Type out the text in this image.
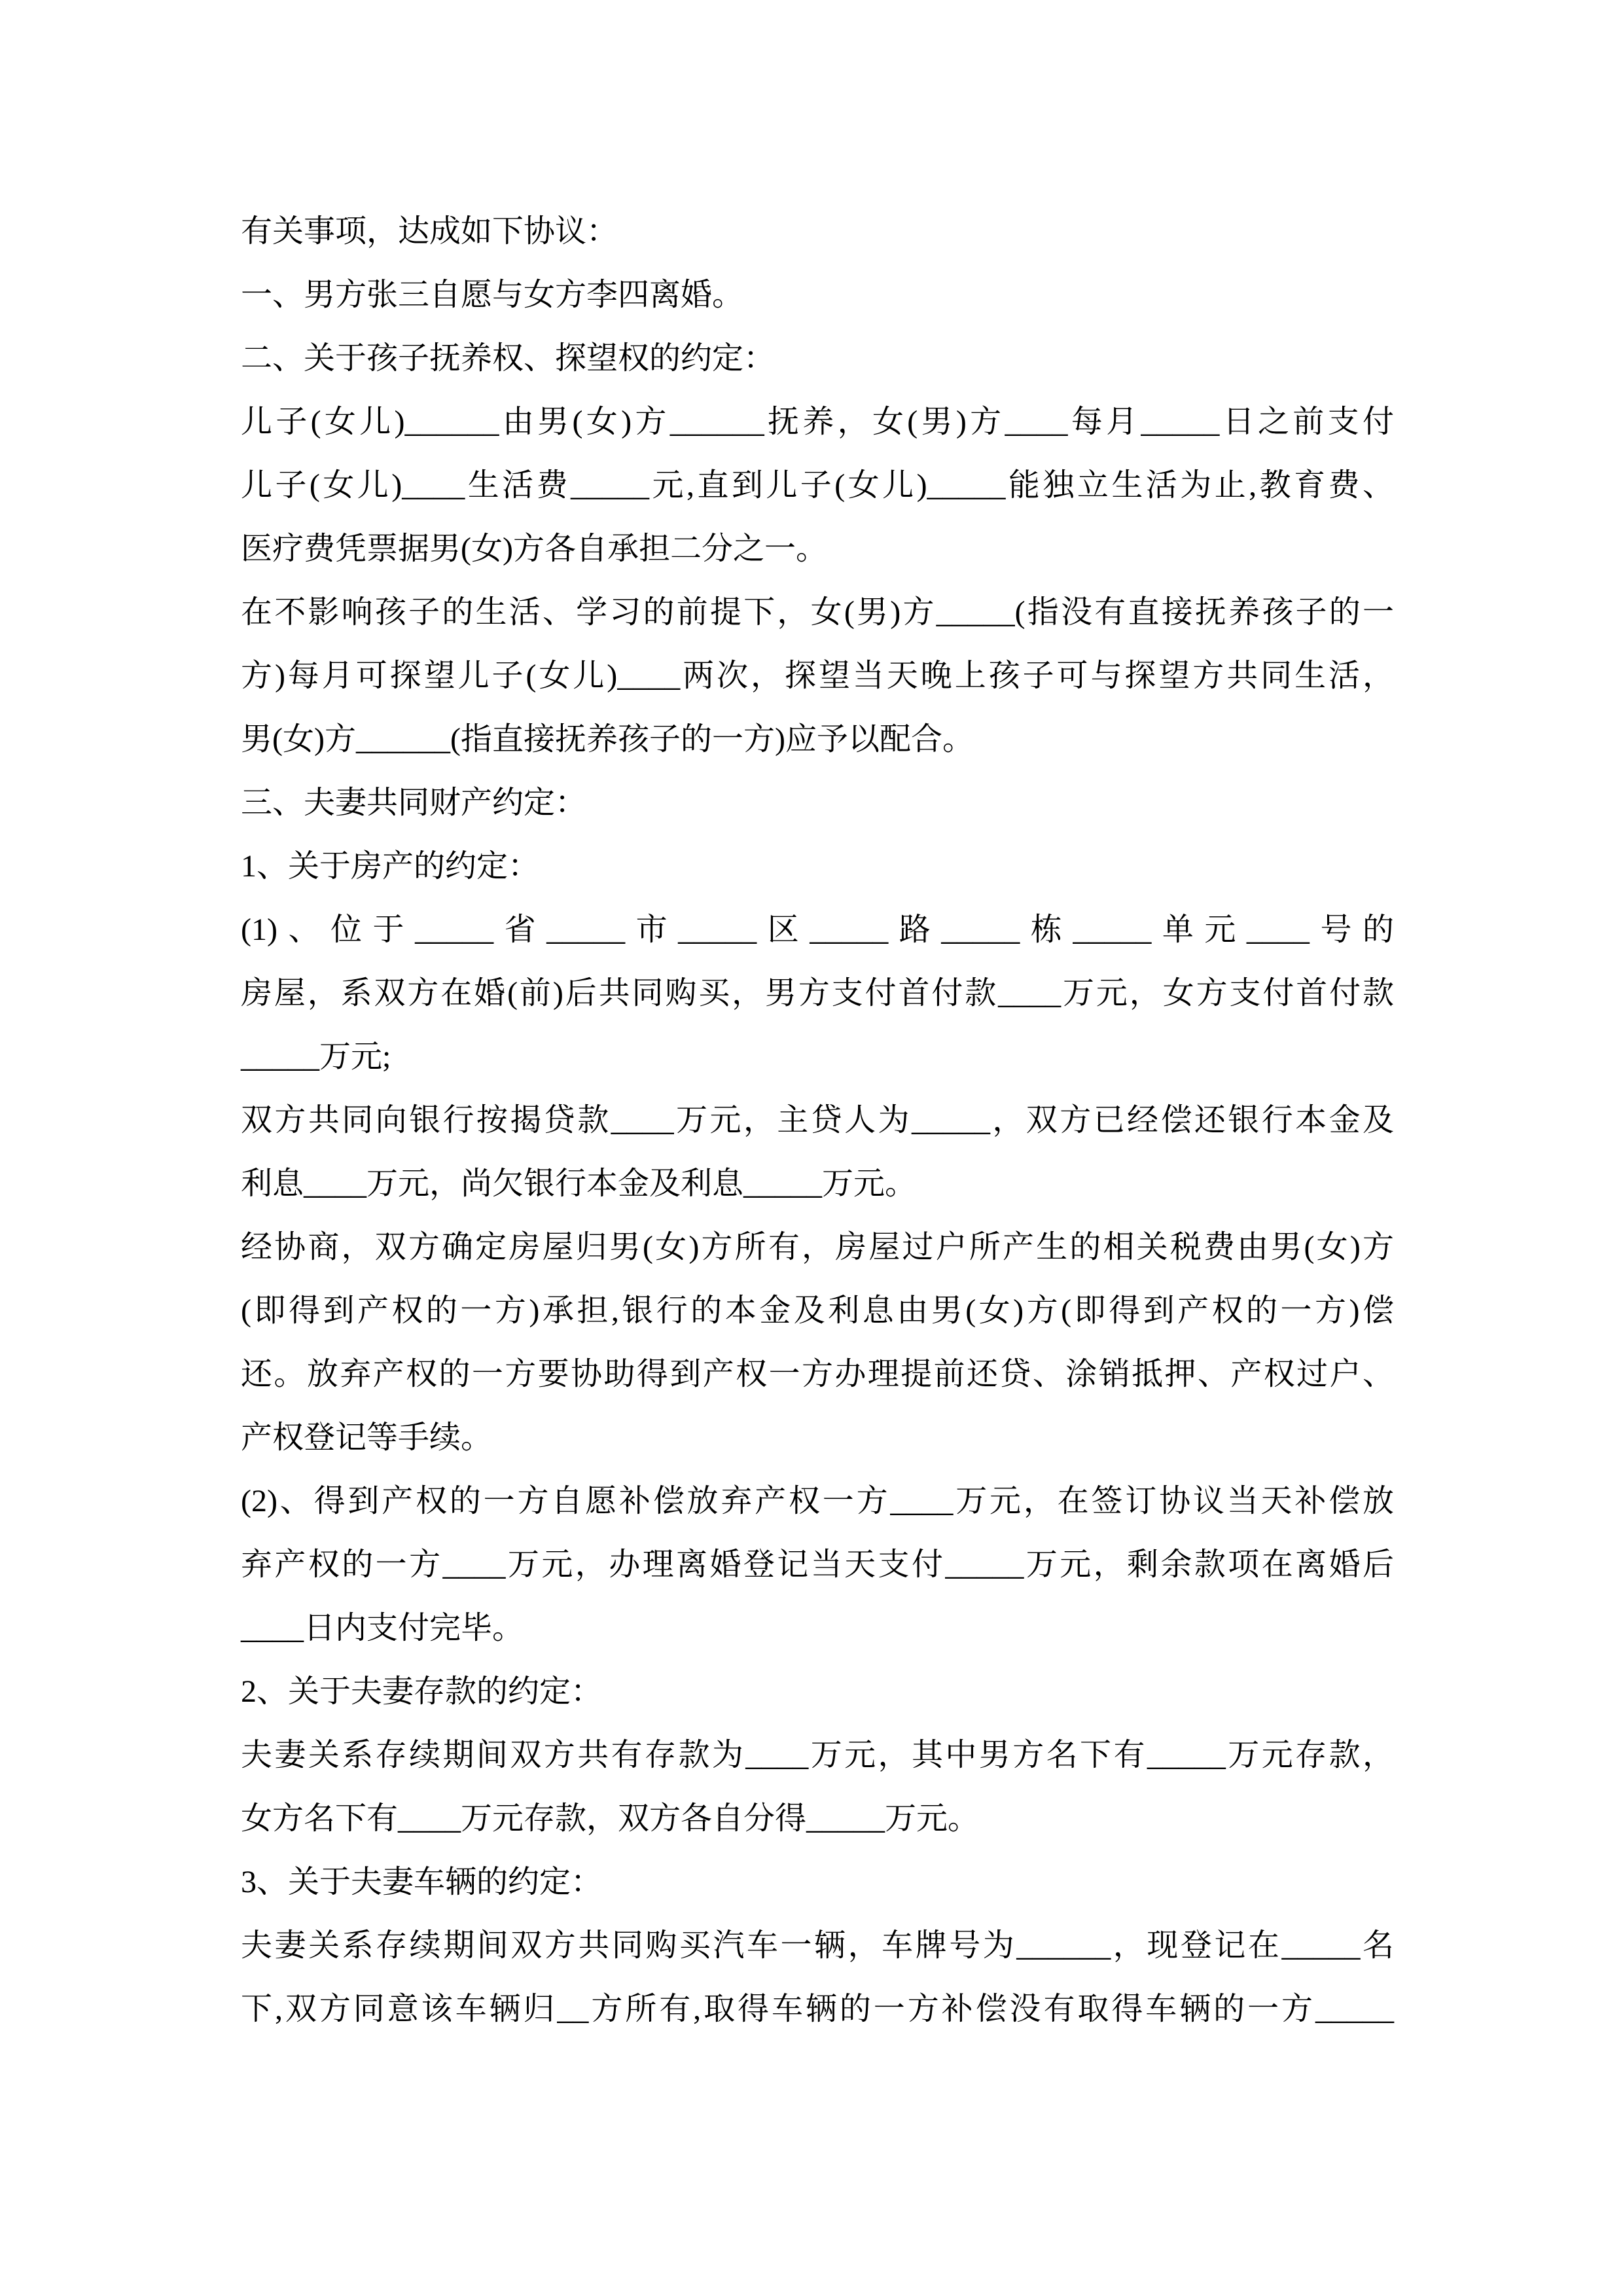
有关事项，达成如下协议：
一、男方张三自愿与女方李四离婚。
二、关于孩子抚养权、探望权的约定：
儿子(女儿)______由男(女)方______抚养，女(男)方____每月_____日之前支付
儿子(女儿)____生活费_____元,直到儿子(女儿)_____能独立生活为止,教育费、
医疗费凭票据男(女)方各自承担二分之一。
在不影响孩子的生活、学习的前提下，女(男)方_____(指没有直接抚养孩子的一
方)每月可探望儿子(女儿)____两次，探望当天晚上孩子可与探望方共同生活，
男(女)方______(指直接抚养孩子的一方)应予以配合。
三、夫妻共同财产约定：
1、关于房产的约定：
(1)、位于_____省_____市_____区_____路_____栋_____单元____号的
房屋，系双方在婚(前)后共同购买，男方支付首付款____万元，女方支付首付款
_____万元;
双方共同向银行按揭贷款____万元，主贷人为_____，双方已经偿还银行本金及
利息____万元，尚欠银行本金及利息_____万元。
经协商，双方确定房屋归男(女)方所有，房屋过户所产生的相关税费由男(女)方
(即得到产权的一方)承担,银行的本金及利息由男(女)方(即得到产权的一方)偿
还。放弃产权的一方要协助得到产权一方办理提前还贷、涂销抵押、产权过户、
产权登记等手续。
(2)、得到产权的一方自愿补偿放弃产权一方____万元，在签订协议当天补偿放
弃产权的一方____万元，办理离婚登记当天支付_____万元，剩余款项在离婚后
____日内支付完毕。
2、关于夫妻存款的约定：
夫妻关系存续期间双方共有存款为____万元，其中男方名下有_____万元存款，
女方名下有____万元存款，双方各自分得_____万元。
3、关于夫妻车辆的约定：
夫妻关系存续期间双方共同购买汽车一辆，车牌号为______，现登记在_____名
下,双方同意该车辆归__方所有,取得车辆的一方补偿没有取得车辆的一方_____
